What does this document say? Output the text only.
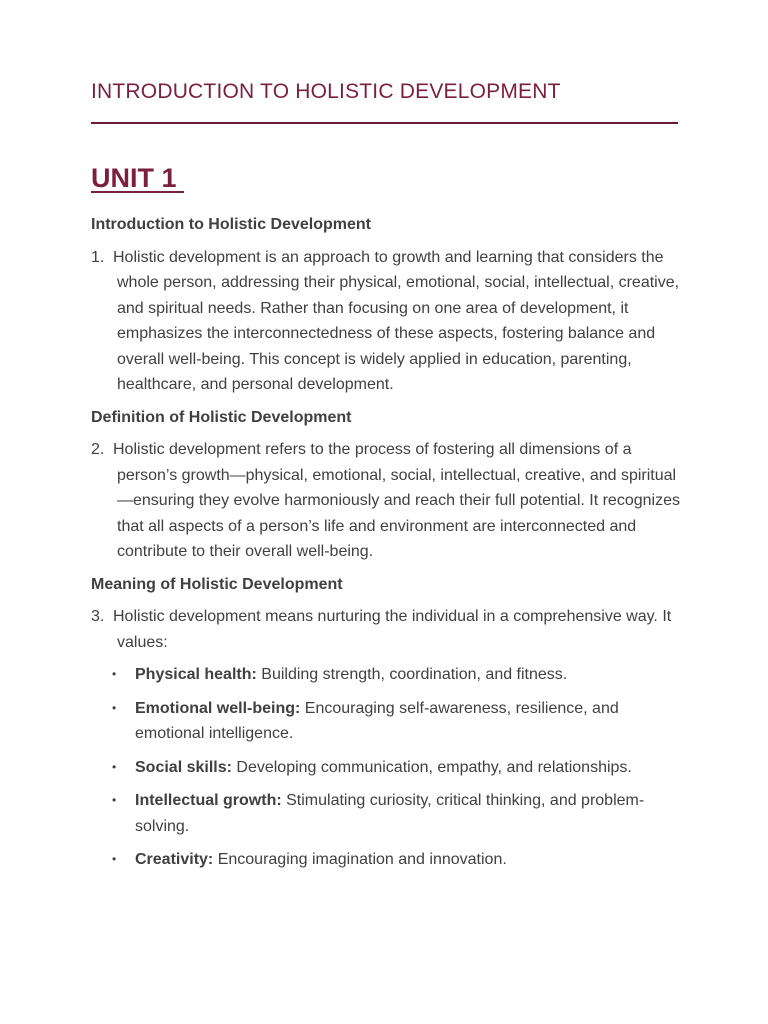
INTRODUCTION TO HOLISTIC DEVELOPMENT
UNIT 1
Introduction to Holistic Development

1. Holistic development is an approach to growth and learning that considers the whole person, addressing their physical, emotional, social, intellectual, creative, and spiritual needs. Rather than focusing on one area of development, it emphasizes the interconnectedness of these aspects, fostering balance and overall well-being. This concept is widely applied in education, parenting, healthcare, and personal development.

Definition of Holistic Development

2. Holistic development refers to the process of fostering all dimensions of a person’s growth—physical, emotional, social, intellectual, creative, and spiritual—ensuring they evolve harmoniously and reach their full potential. It recognizes that all aspects of a person’s life and environment are interconnected and contribute to their overall well-being.

Meaning of Holistic Development

3. Holistic development means nurturing the individual in a comprehensive way. It values:

• Physical health: Building strength, coordination, and fitness.
• Emotional well-being: Encouraging self-awareness, resilience, and emotional intelligence.
• Social skills: Developing communication, empathy, and relationships.
• Intellectual growth: Stimulating curiosity, critical thinking, and problem-solving.
• Creativity: Encouraging imagination and innovation.
